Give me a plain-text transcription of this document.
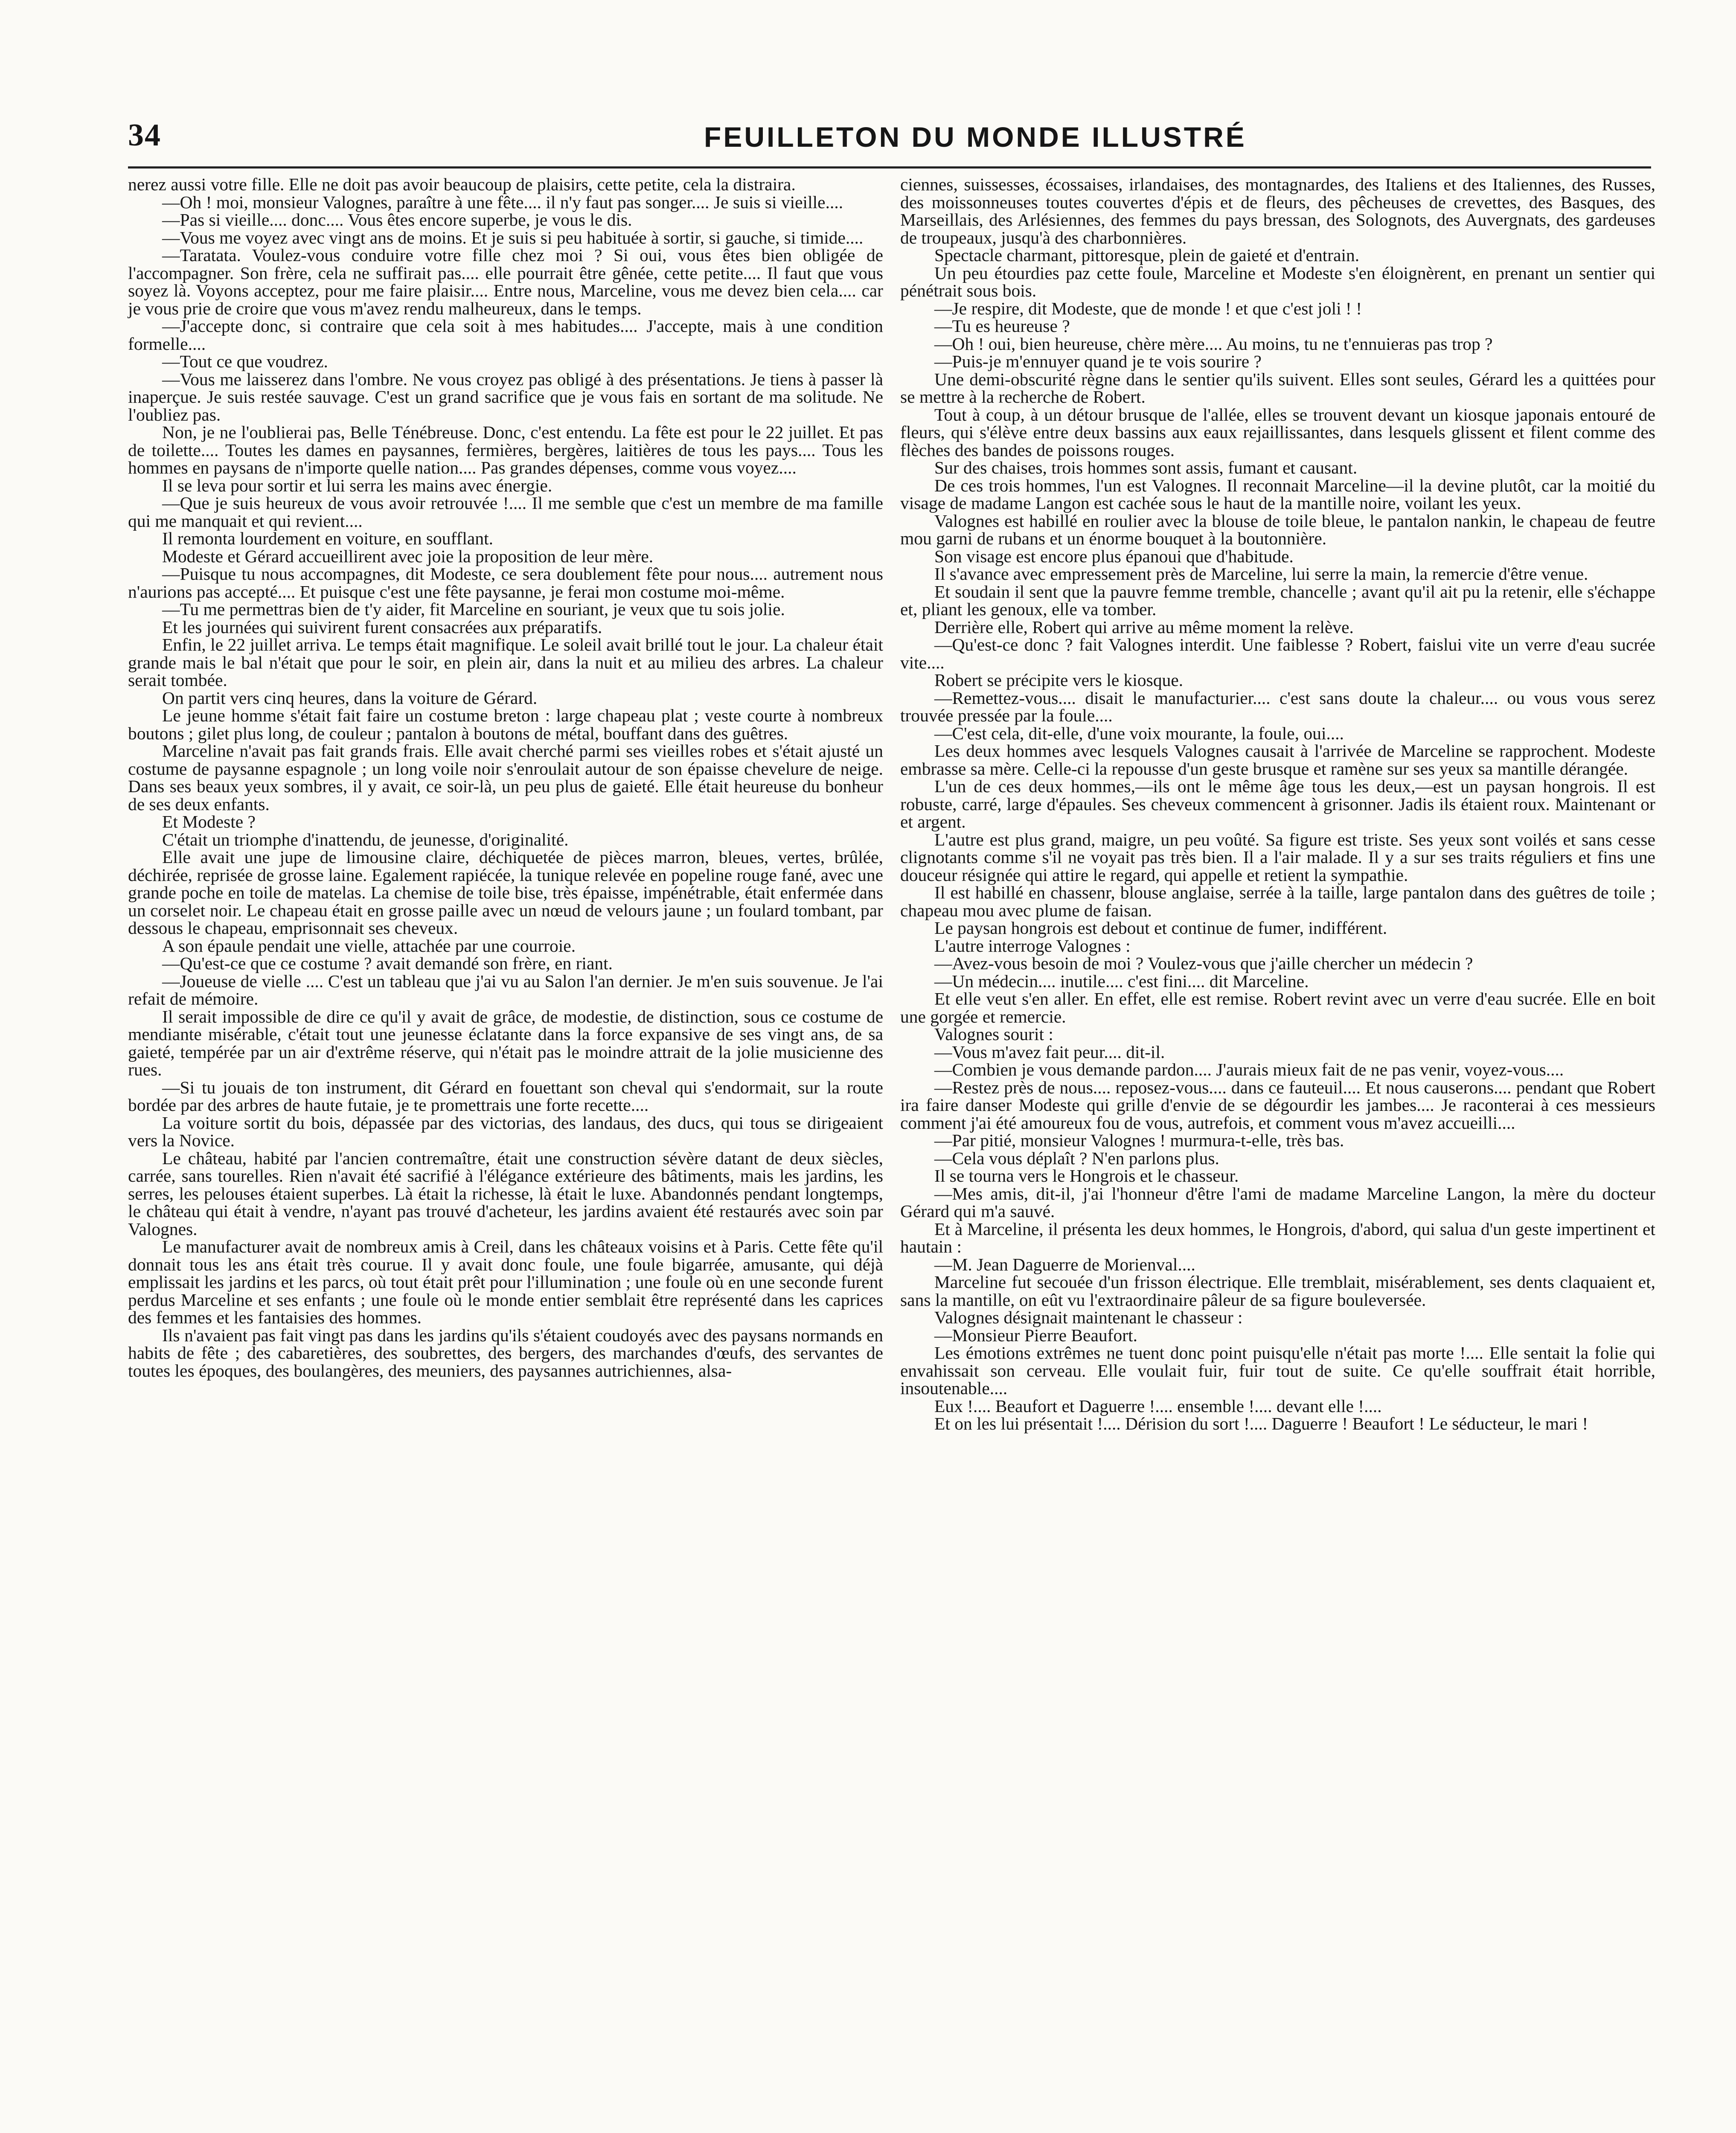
34	FEUILLETON DU MONDE ILLUSTRÉ

nerez aussi votre fille. Elle ne doit pas avoir beaucoup de plaisirs, cette petite, cela la distraira.

—Oh ! moi, monsieur Valognes, paraître à une fête.... il n'y faut pas songer.... Je suis si vieille....

—Pas si vieille.... donc.... Vous êtes encore superbe, je vous le dis.

—Vous me voyez avec vingt ans de moins. Et je suis si peu habituée à sortir, si gauche, si timide....

—Taratata. Voulez-vous conduire votre fille chez moi ? Si oui, vous êtes bien obligée de l'accompagner. Son frère, cela ne suffirait pas.... elle pourrait être gênée, cette petite.... Il faut que vous soyez là. Voyons acceptez, pour me faire plaisir.... Entre nous, Marceline, vous me devez bien cela.... car je vous prie de croire que vous m'avez rendu malheureux, dans le temps.

—J'accepte donc, si contraire que cela soit à mes habitudes.... J'accepte, mais à une condition formelle....

—Tout ce que voudrez.

—Vous me laisserez dans l'ombre. Ne vous croyez pas obligé à des présentations. Je tiens à passer là inaperçue. Je suis restée sauvage. C'est un grand sacrifice que je vous fais en sortant de ma solitude. Ne l'oubliez pas.

Non, je ne l'oublierai pas, Belle Ténébreuse. Donc, c'est entendu. La fête est pour le 22 juillet. Et pas de toilette.... Toutes les dames en paysannes, fermières, bergères, laitières de tous les pays.... Tous les hommes en paysans de n'importe quelle nation.... Pas grandes dépenses, comme vous voyez....

Il se leva pour sortir et lui serra les mains avec énergie.

—Que je suis heureux de vous avoir retrouvée !.... Il me semble que c'est un membre de ma famille qui me manquait et qui revient....

Il remonta lourdement en voiture, en soufflant.

Modeste et Gérard accueillirent avec joie la proposition de leur mère.

—Puisque tu nous accompagnes, dit Modeste, ce sera doublement fête pour nous.... autrement nous n'aurions pas accepté.... Et puisque c'est une fête paysanne, je ferai mon costume moi-même.

—Tu me permettras bien de t'y aider, fit Marceline en souriant, je veux que tu sois jolie.

Et les journées qui suivirent furent consacrées aux préparatifs.

Enfin, le 22 juillet arriva. Le temps était magnifique. Le soleil avait brillé tout le jour. La chaleur était grande mais le bal n'était que pour le soir, en plein air, dans la nuit et au milieu des arbres. La chaleur serait tombée.

On partit vers cinq heures, dans la voiture de Gérard.

Le jeune homme s'était fait faire un costume breton : large chapeau plat ; veste courte à nombreux boutons ; gilet plus long, de couleur ; pantalon à boutons de métal, bouffant dans des guêtres.

Marceline n'avait pas fait grands frais. Elle avait cherché parmi ses vieilles robes et s'était ajusté un costume de paysanne espagnole ; un long voile noir s'enroulait autour de son épaisse chevelure de neige. Dans ses beaux yeux sombres, il y avait, ce soir-là, un peu plus de gaieté. Elle était heureuse du bonheur de ses deux enfants.

Et Modeste ?

C'était un triomphe d'inattendu, de jeunesse, d'originalité.

Elle avait une jupe de limousine claire, déchiquetée de pièces marron, bleues, vertes, brûlée, déchirée, reprisée de grosse laine. Egalement rapiécée, la tunique relevée en popeline rouge fané, avec une grande poche en toile de matelas. La chemise de toile bise, très épaisse, impénétrable, était enfermée dans un corselet noir. Le chapeau était en grosse paille avec un nœud de velours jaune ; un foulard tombant, par dessous le chapeau, emprisonnait ses cheveux.

A son épaule pendait une vielle, attachée par une courroie.

—Qu'est-ce que ce costume ? avait demandé son frère, en riant.

—Joueuse de vielle .... C'est un tableau que j'ai vu au Salon l'an dernier. Je m'en suis souvenue. Je l'ai refait de mémoire.

Il serait impossible de dire ce qu'il y avait de grâce, de modestie, de distinction, sous ce costume de mendiante misérable, c'était tout une jeunesse éclatante dans la force expansive de ses vingt ans, de sa gaieté, tempérée par un air d'extrême réserve, qui n'était pas le moindre attrait de la jolie musicienne des rues.

—Si tu jouais de ton instrument, dit Gérard en fouettant son cheval qui s'endormait, sur la route bordée par des arbres de haute futaie, je te promettrais une forte recette....

La voiture sortit du bois, dépassée par des victorias, des landaus, des ducs, qui tous se dirigeaient vers la Novice.

Le château, habité par l'ancien contremaître, était une construction sévère datant de deux siècles, carrée, sans tourelles. Rien n'avait été sacrifié à l'élégance extérieure des bâtiments, mais les jardins, les serres, les pelouses étaient superbes. Là était la richesse, là était le luxe. Abandonnés pendant longtemps, le château qui était à vendre, n'ayant pas trouvé d'acheteur, les jardins avaient été restaurés avec soin par Valognes.

Le manufacturer avait de nombreux amis à Creil, dans les châteaux voisins et à Paris. Cette fête qu'il donnait tous les ans était très courue. Il y avait donc foule, une foule bigarrée, amusante, qui déjà emplissait les jardins et les parcs, où tout était prêt pour l'illumination ; une foule où en une seconde furent perdus Marceline et ses enfants ; une foule où le monde entier semblait être représenté dans les caprices des femmes et les fantaisies des hommes.

Ils n'avaient pas fait vingt pas dans les jardins qu'ils s'étaient coudoyés avec des paysans normands en habits de fête ; des cabaretières, des soubrettes, des bergers, des marchandes d'œufs, des servantes de toutes les époques, des boulangères, des meuniers, des paysannes autrichiennes, alsa-

ciennes, suissesses, écossaises, irlandaises, des montagnardes, des Italiens et des Italiennes, des Russes, des moissonneuses toutes couvertes d'épis et de fleurs, des pêcheuses de crevettes, des Basques, des Marseillais, des Arlésiennes, des femmes du pays bressan, des Solognots, des Auvergnats, des gardeuses de troupeaux, jusqu'à des charbonnières.

Spectacle charmant, pittoresque, plein de gaieté et d'entrain.

Un peu étourdies paz cette foule, Marceline et Modeste s'en éloignèrent, en prenant un sentier qui pénétrait sous bois.

—Je respire, dit Modeste, que de monde ! et que c'est joli ! !

—Tu es heureuse ?

—Oh ! oui, bien heureuse, chère mère.... Au moins, tu ne t'ennuieras pas trop ?

—Puis-je m'ennuyer quand je te vois sourire ?

Une demi-obscurité règne dans le sentier qu'ils suivent. Elles sont seules, Gérard les a quittées pour se mettre à la recherche de Robert.

Tout à coup, à un détour brusque de l'allée, elles se trouvent devant un kiosque japonais entouré de fleurs, qui s'élève entre deux bassins aux eaux rejaillissantes, dans lesquels glissent et filent comme des flèches des bandes de poissons rouges.

Sur des chaises, trois hommes sont assis, fumant et causant.

De ces trois hommes, l'un est Valognes. Il reconnait Marceline—il la devine plutôt, car la moitié du visage de madame Langon est cachée sous le haut de la mantille noire, voilant les yeux.

Valognes est habillé en roulier avec la blouse de toile bleue, le pantalon nankin, le chapeau de feutre mou garni de rubans et un énorme bouquet à la boutonnière.

Son visage est encore plus épanoui que d'habitude.

Il s'avance avec empressement près de Marceline, lui serre la main, la remercie d'être venue.

Et soudain il sent que la pauvre femme tremble, chancelle ; avant qu'il ait pu la retenir, elle s'échappe et, pliant les genoux, elle va tomber.

Derrière elle, Robert qui arrive au même moment la relève.

—Qu'est-ce donc ? fait Valognes interdit. Une faiblesse ? Robert, faislui vite un verre d'eau sucrée vite....

Robert se précipite vers le kiosque.

—Remettez-vous.... disait le manufacturier.... c'est sans doute la chaleur.... ou vous vous serez trouvée pressée par la foule....

—C'est cela, dit-elle, d'une voix mourante, la foule, oui....

Les deux hommes avec lesquels Valognes causait à l'arrivée de Marceline se rapprochent. Modeste embrasse sa mère. Celle-ci la repousse d'un geste brusque et ramène sur ses yeux sa mantille dérangée.

L'un de ces deux hommes,—ils ont le même âge tous les deux,—est un paysan hongrois. Il est robuste, carré, large d'épaules. Ses cheveux commencent à grisonner. Jadis ils étaient roux. Maintenant or et argent.

L'autre est plus grand, maigre, un peu voûté. Sa figure est triste. Ses yeux sont voilés et sans cesse clignotants comme s'il ne voyait pas très bien. Il a l'air malade. Il y a sur ses traits réguliers et fins une douceur résignée qui attire le regard, qui appelle et retient la sympathie.

Il est habillé en chassenr, blouse anglaise, serrée à la taille, large pantalon dans des guêtres de toile ; chapeau mou avec plume de faisan.

Le paysan hongrois est debout et continue de fumer, indifférent.

L'autre interroge Valognes :

—Avez-vous besoin de moi ? Voulez-vous que j'aille chercher un médecin ?

—Un médecin.... inutile.... c'est fini.... dit Marceline.

Et elle veut s'en aller. En effet, elle est remise. Robert revint avec un verre d'eau sucrée. Elle en boit une gorgée et remercie.

Valognes sourit :

—Vous m'avez fait peur.... dit-il.

—Combien je vous demande pardon.... J'aurais mieux fait de ne pas venir, voyez-vous....

—Restez près de nous.... reposez-vous.... dans ce fauteuil.... Et nous causerons.... pendant que Robert ira faire danser Modeste qui grille d'envie de se dégourdir les jambes.... Je raconterai à ces messieurs comment j'ai été amoureux fou de vous, autrefois, et comment vous m'avez accueilli....

—Par pitié, monsieur Valognes ! murmura-t-elle, très bas.

—Cela vous déplaît ? N'en parlons plus.

Il se tourna vers le Hongrois et le chasseur.

—Mes amis, dit-il, j'ai l'honneur d'être l'ami de madame Marceline Langon, la mère du docteur Gérard qui m'a sauvé.

Et à Marceline, il présenta les deux hommes, le Hongrois, d'abord, qui salua d'un geste impertinent et hautain :

—M. Jean Daguerre de Morienval....

Marceline fut secouée d'un frisson électrique. Elle tremblait, misérablement, ses dents claquaient et, sans la mantille, on eût vu l'extraordinaire pâleur de sa figure bouleversée.

Valognes désignait maintenant le chasseur :

—Monsieur Pierre Beaufort.

Les émotions extrêmes ne tuent donc point puisqu'elle n'était pas morte !.... Elle sentait la folie qui envahissait son cerveau. Elle voulait fuir, fuir tout de suite. Ce qu'elle souffrait était horrible, insoutenable....

Eux !.... Beaufort et Daguerre !.... ensemble !.... devant elle !....

Et on les lui présentait !.... Dérision du sort !.... Daguerre ! Beaufort ! Le séducteur, le mari !
